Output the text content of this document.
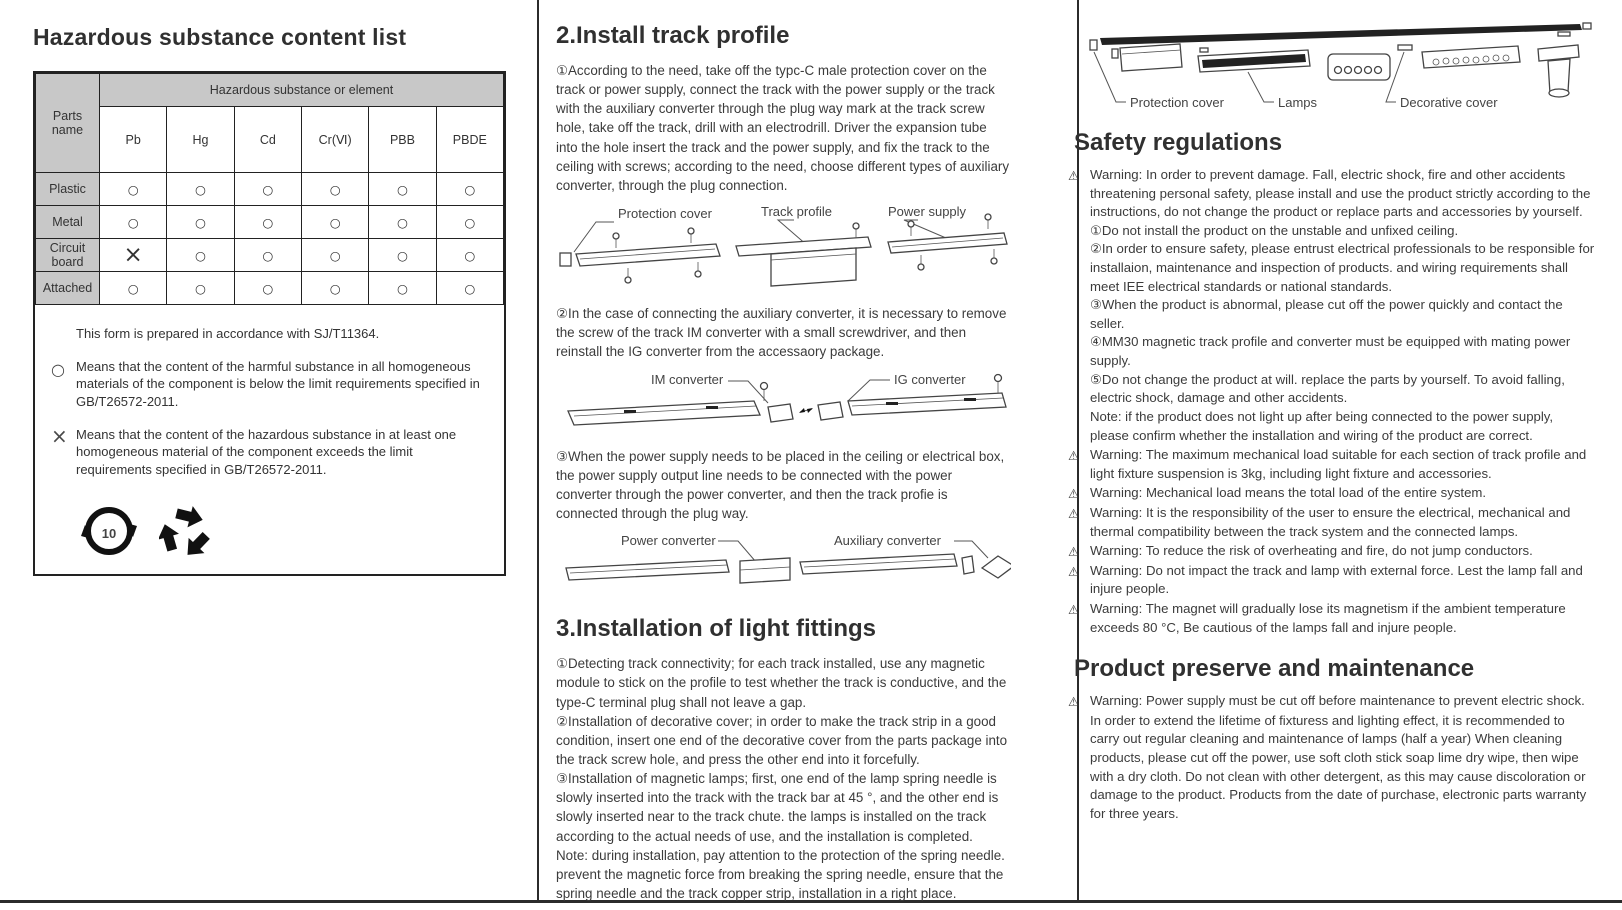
Hazardous substance content list
Parts name	Hazardous substance or element					
	Pb	Hg	Cd	Cr(Ⅵ)	PBB	PBDE
Plastic	○	○	○	○	○	○
Metal	○	○	○	○	○	○
Circuit board	×	○	○	○	○	○
Attached	○	○	○	○	○	○

This form is prepared in accordance with SJ/T11364.

○ Means that the content of the harmful substance in all homogeneous materials of the component is below the limit requirements specified in GB/T26572-2011.

× Means that the content of the hazardous substance in at least one homogeneous material of the component exceeds the limit requirements specified in GB/T26572-2011.

10
2.Install track profile

①According to the need, take off the typc-C male protection cover on the track or power supply, connect the track with the power supply or the track with the auxiliary converter through the plug way mark at the track screw hole, take off the track, drill with an electrodrill. Driver the expansion tube into the hole insert the track and the power supply, and fix the track to the ceiling with screws; according to the need, choose different types of auxiliary converter, through the plug connection.

Protection cover	Track profile	Power supply

②In the case of connecting the auxiliary converter, it is necessary to remove the screw of the track IM converter with a small screwdriver, and then reinstall the IG converter from the accessaory package.

IM converter	IG converter

③When the power supply needs to be placed in the ceiling or electrical box, the power supply output line needs to be connected with the power converter through the power converter, and then the track profie is connected through the plug way.

Power converter	Auxiliary converter
3.Installation of light fittings

①Detecting track connectivity; for each track installed, use any magnetic module to stick on the profile to test whether the track is conductive, and the type-C terminal plug shall not leave a gap.

②Installation of decorative cover; in order to make the track strip in a good condition, insert one end of the decorative cover from the parts package into the track screw hole, and press the other end into it forcefully.

③Installation of magnetic lamps; first, one end of the lamp spring needle is slowly inserted into the track with the track bar at 45 °, and the other end is slowly inserted near to the track chute. the lamps is installed on the track according to the actual needs of use, and the installation is completed.

Note: during installation, pay attention to the protection of the spring needle. prevent the magnetic force from breaking the spring needle, ensure that the spring needle and the track copper strip, installation in a right place.

Protection cover	Lamps	Decorative cover
Safety regulations
⚠ Warning: In order to prevent damage. Fall, electric shock, fire and other accidents threatening personal safety, please install and use the product strictly according to the instructions, do not change the product or replace parts and accessories by yourself.
①Do not install the product on the unstable and unfixed ceiling.
②In order to ensure safety, please entrust electrical professionals to be responsible for installaion, maintenance and inspection of products. and wiring requirements shall meet IEE electrical standards or national standards.
③When the product is abnormal, please cut off the power quickly and contact the seller.
④MM30 magnetic track profile and converter must be equipped with mating power supply.
⑤Do not change the product at will. replace the parts by yourself. To avoid falling, electric shock, damage and other accidents.
Note: if the product does not light up after being connected to the power supply, please confirm whether the installation and wiring of the product are correct.
⚠ Warning: The maximum mechanical load suitable for each section of track profile and light fixture suspension is 3kg, including light fixture and accessories.
⚠ Warning: Mechanical load means the total load of the entire system.
⚠ Warning: It is the responsibility of the user to ensure the electrical, mechanical and thermal compatibility between the track system and the connected lamps.
⚠ Warning: To reduce the risk of overheating and fire, do not jump conductors.
⚠ Warning: Do not impact the track and lamp with external force. Lest the lamp fall and injure people.
⚠ Warning: The magnet will gradually lose its magnetism if the ambient temperature exceeds 80 °C, Be cautious of the lamps fall and injure people.
Product preserve and maintenance
⚠ Warning: Power supply must be cut off before maintenance to prevent electric shock.
In order to extend the lifetime of fixturess and lighting effect, it is recommended to carry out regular cleaning and maintenance of lamps (half a year) When cleaning products, please cut off the power, use soft cloth stick soap lime dry wipe, then wipe with a dry cloth. Do not clean with other detergent, as this may cause discoloration or damage to the product. Products from the date of purchase, electronic parts warranty for three years.
